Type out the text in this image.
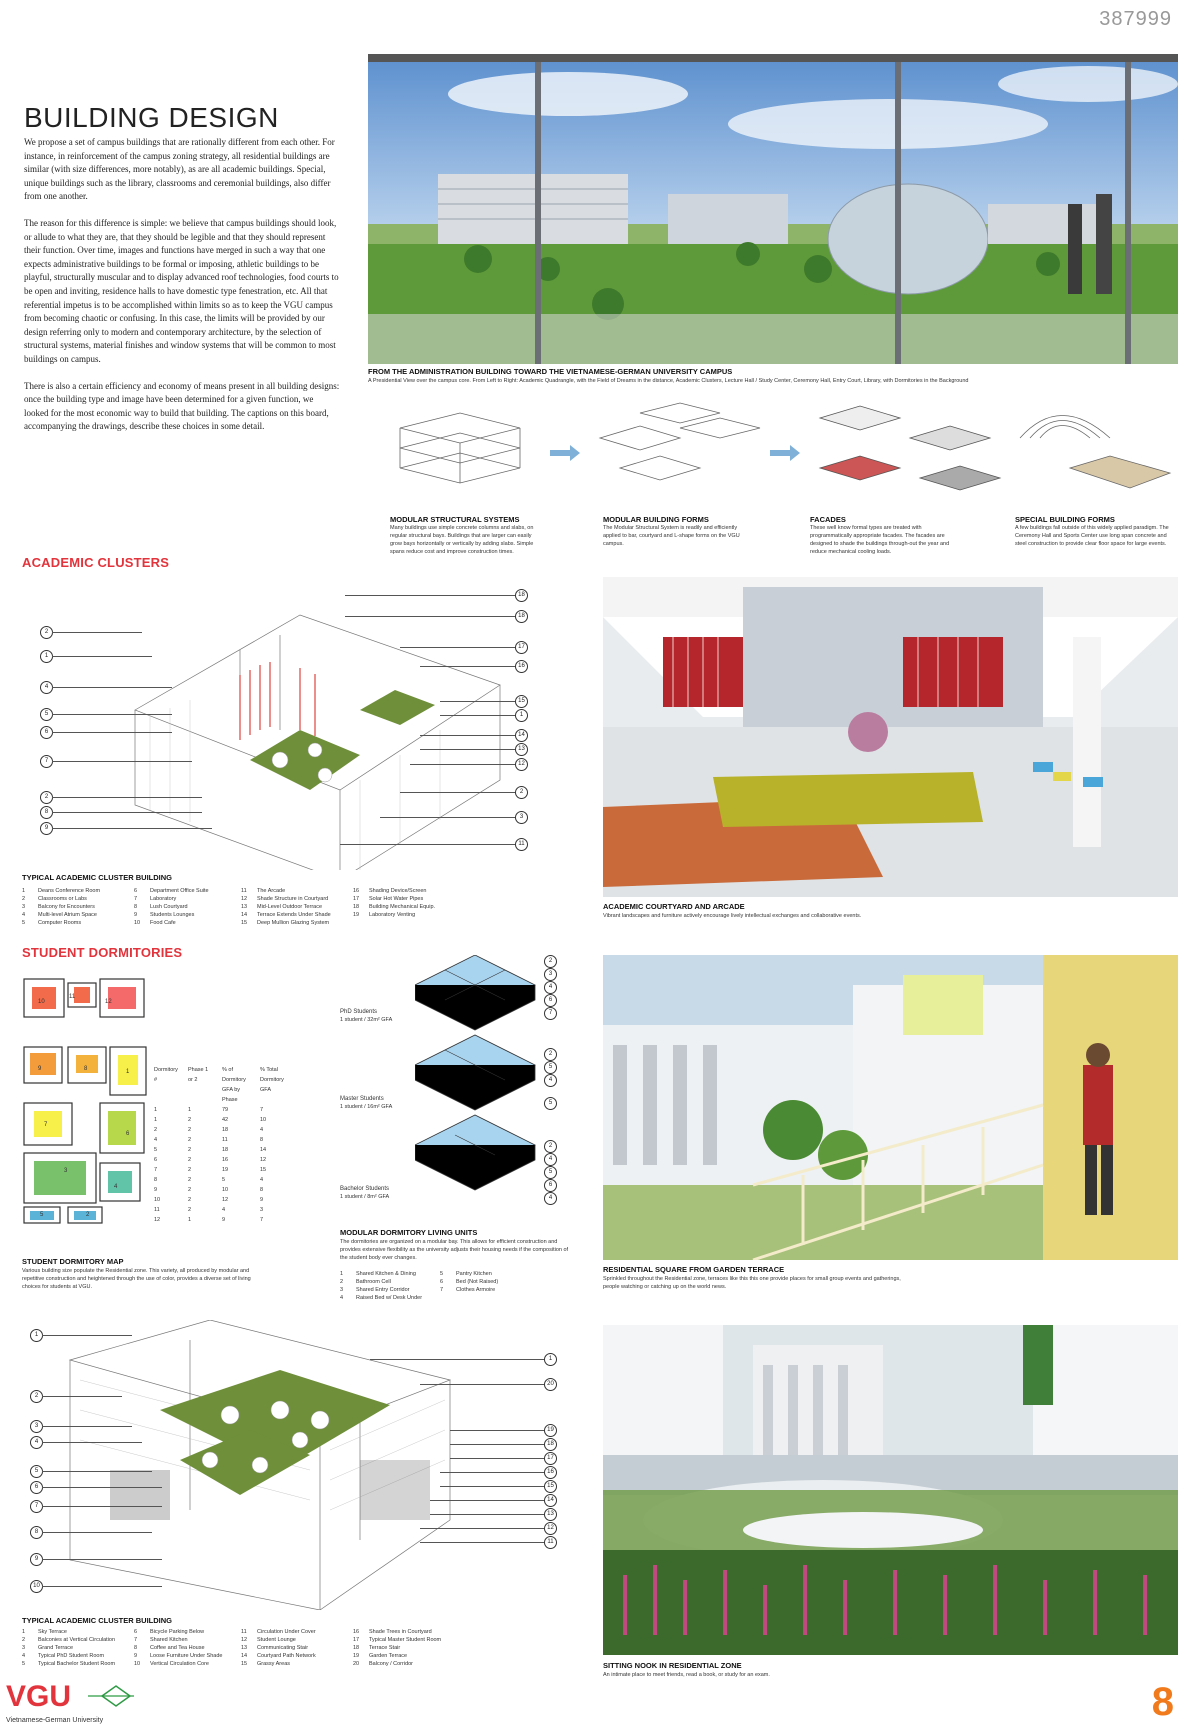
387999
BUILDING DESIGN

We propose a set of campus buildings that are rationally different from each other. For instance, in reinforcement of the campus zoning strategy, all residential buildings are similar (with size differences, more notably), as are all academic buildings. Special, unique buildings such as the library, classrooms and ceremonial buildings, also differ from one another.

The reason for this difference is simple: we believe that campus buildings should look, or allude to what they are, that they should be legible and that they should represent their function. Over time, images and functions have merged in such a way that one expects administrative buildings to be formal or imposing, athletic buildings to be playful, structurally muscular and to display advanced roof technologies, food courts to be open and inviting, residence halls to have domestic type fenestration, etc. All that referential impetus is to be accomplished within limits so as to keep the VGU campus from becoming chaotic or confusing. In this case, the limits will be provided by our design referring only to modern and contemporary architecture, by the selection of structural systems, material finishes and window systems that will be common to most buildings on campus.

There is also a certain efficiency and economy of means present in all building designs: once the building type and image have been determined for a given function, we looked for the most economic way to build that building. The captions on this board, accompanying the drawings, describe these choices in some detail.

FROM THE ADMINISTRATION BUILDING TOWARD THE VIETNAMESE-GERMAN UNIVERSITY CAMPUS
A Presidential View over the campus core. From Left to Right: Academic Quadrangle, with the Field of Dreams in the distance, Academic Clusters, Lecture Hall / Study Center, Ceremony Hall, Entry Court, Library, with Dormitories in the Background
MODULAR STRUCTURAL SYSTEMS
Many buildings use simple concrete columns and slabs, on regular structural bays. Buildings that are larger can easily grow bays horizontally or vertically by adding slabs. Simple spans reduce cost and improve construction times.
MODULAR BUILDING FORMS
The Modular Structural System is readily and efficiently applied to bar, courtyard and L-shape forms on the VGU campus.
FACADES
These well know formal types are treated with programmatically appropriate facades. The facades are designed to shade the buildings through-out the year and reduce mechanical cooling loads.
SPECIAL BUILDING FORMS
A few buildings fall outside of this widely applied paradigm. The Ceremony Hall and Sports Center use long span concrete and steel construction to provide clear floor space for large events.
ACADEMIC CLUSTERS
2
1
4
5
6
7
2
8
9
18
18
17
16
15
1
14
13
12
2
3
11
TYPICAL ACADEMIC CLUSTER BUILDING
1 Deans Conference Room
2 Classrooms or Labs
3 Balcony for Encounters
4 Multi-level Atrium Space
5 Computer Rooms
6 Department Office Suite
7 Laboratory
8 Lush Courtyard
9 Students Lounges
10 Food Cafe
11 The Arcade
12 Shade Structure in Courtyard
13 Mid-Level Outdoor Terrace
14 Terrace Extends Under Shade
15 Deep Mullion Glazing System
16 Shading Device/Screen
17 Solar Hot Water Pipes
18 Building Mechanical Equip.
19 Laboratory Venting
ACADEMIC COURTYARD AND ARCADE
Vibrant landscapes and furniture actively encourage lively intellectual exchanges and collaborative events.
STUDENT DORMITORIES
10
11
12
9	8	1
7
6
3
4
5	2
Dormitory #	Phase 1 or 2	% of Dormitory GFA by Phase	% Total Dormitory GFA
1	1	79	7
1	2	42	10
2	2	18	4
4	2	11	8
5	2	18	14
6	2	16	12
7	2	19	15
8	2	5	4
9	2	10	8
10	2	12	9
11	2	4	3
12	1	9	7
STUDENT DORMITORY MAP
Various building size populate the Residential zone. This variety, all produced by modular and repetitive construction and heightened through the use of color, provides a diverse set of living choices for students at VGU.
2
3
4
6
7
2
5
4
5
2
4
5
6
4
PhD Students
1 student / 32m² GFA
Master Students
1 student / 16m² GFA
Bachelor Students
1 student / 8m² GFA
MODULAR DORMITORY LIVING UNITS
The dormitories are organized on a modular bay. This allows for efficient construction and provides extensive flexibility as the university adjusts their housing needs if the composition of the student body ever changes.
1 Shared Kitchen & Dining
2 Bathroom Cell
3 Shared Entry Corridor
4 Raised Bed w/ Desk Under
5 Pantry Kitchen
6 Bed (Not Raised)
7 Clothes Armoire
RESIDENTIAL SQUARE FROM GARDEN TERRACE
Sprinkled throughout the Residential zone, terraces like this this one provide places for small group events and gatherings, people watching or catching up on the world news.
1
2
3
4
5
6
7
8
9
10
1
20
19
18
17
16
15
14
13
12
11
TYPICAL ACADEMIC CLUSTER BUILDING
1 Sky Terrace
2 Balconies at Vertical Circulation
3 Grand Terrace
4 Typical PhD Student Room
5 Typical Bachelor Student Room
6 Bicycle Parking Below
7 Shared Kitchen
8 Coffee and Tea House
9 Loose Furniture Under Shade
10 Vertical Circulation Core
11 Circulation Under Cover
12 Student Lounge
13 Communicating Stair
14 Courtyard Path Network
15 Grassy Areas
16 Shade Trees in Courtyard
17 Typical Master Student Room
18 Terrace Stair
19 Garden Terrace
20 Balcony / Corridor	SITTING NOOK IN RESIDENTIAL ZONE
An intimate place to meet friends, read a book, or study for an exam.
VGU
Vietnamese-German University	8
